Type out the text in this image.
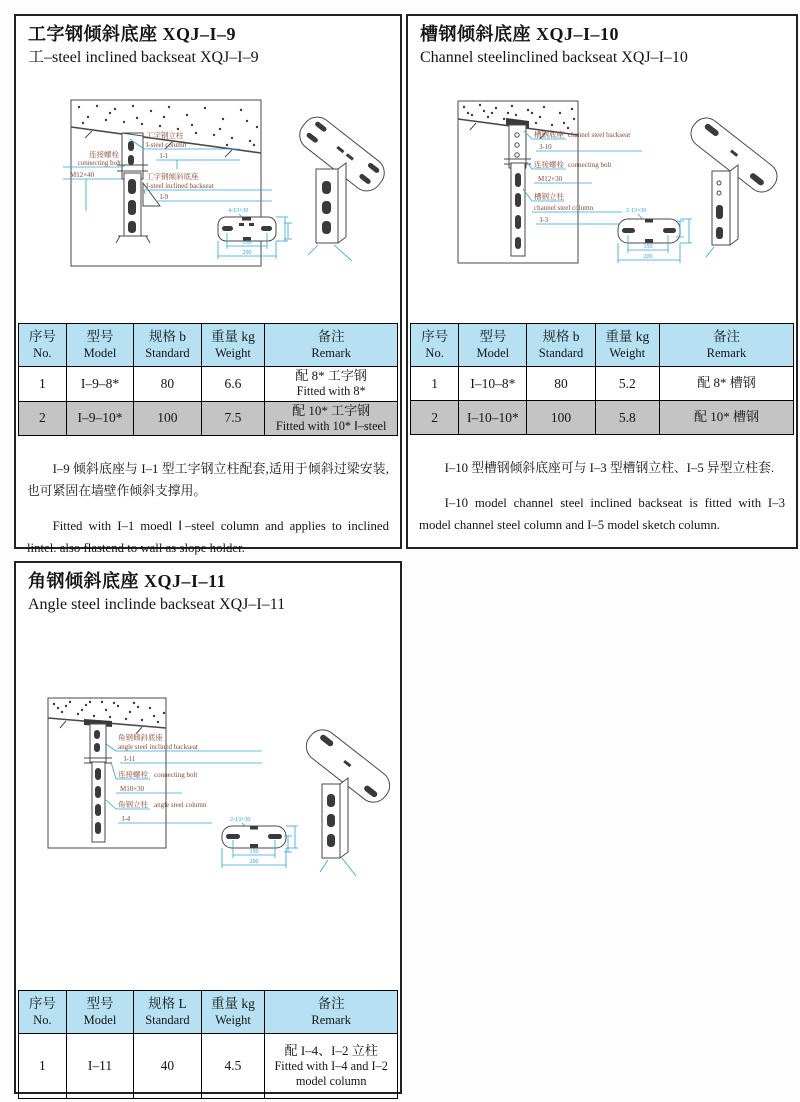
工字钢倾斜底座 XQJ–I–9
工–steel inclined backseat XQJ–I–9
工字钢立柱
I-steel column
I-1
连接螺栓
connecting bolt
M12×40	工字钢倾斜底座
I-steel inclined backseat
I-9
4-13×30
130
200
序号
No.

型号
Model

规格 b
Standard

重量 kg
Weight

备注
Remark

1	I–9–8*	80	6.6	配 8* 工字钢
Fitted with 8*

2	I–9–10*	100	7.5	配 10* 工字钢
Fitted with 10* Ⅰ–steel

I–9 倾斜底座与 I–1 型工字钢立柱配套,适用于倾斜过梁安装,也可紧固在墙壁作倾斜支撑用。

Fitted with I–1 moedl Ⅰ–steel column and applies to inclined lintel. also flastend to wall as slope holder.

槽钢倾斜底座 XQJ–I–10
Channel steelinclined backseat XQJ–I–10
槽钢底座 channel steel backseat
I-10
连接螺栓 connecting bolt
M12×30
槽钢立柱
channel steel column
I-3
2-13×30
150
200
序号
No.

型号
Model

规格 b
Standard

重量 kg
Weight

备注
Remark

1	I–10–8*	80	5.2	配 8* 槽钢

2	I–10–10*	100	5.8	配 10* 槽钢

I–10 型槽钢倾斜底座可与 I–3 型槽钢立柱、I–5 异型立柱套.

I–10 model channel steel inclined backseat is fitted with I–3 model channel steel column and I–5 model sketch column.

角钢倾斜底座 XQJ–I–11
Angle steel inclinde backseat XQJ–I–11
角钢倾斜底座
angle steel inclined backseat
I-11
连接螺栓 connecting bolt
M10×30
角钢立柱 angle steel column
I-4	2-13×30
150
200
序号
No.

型号
Model

规格 L
Standard

重量 kg
Weight

备注
Remark

1	I–11	40	4.5	配 I–4、I–2 立柱
Fitted with I–4 and I–2 model column
